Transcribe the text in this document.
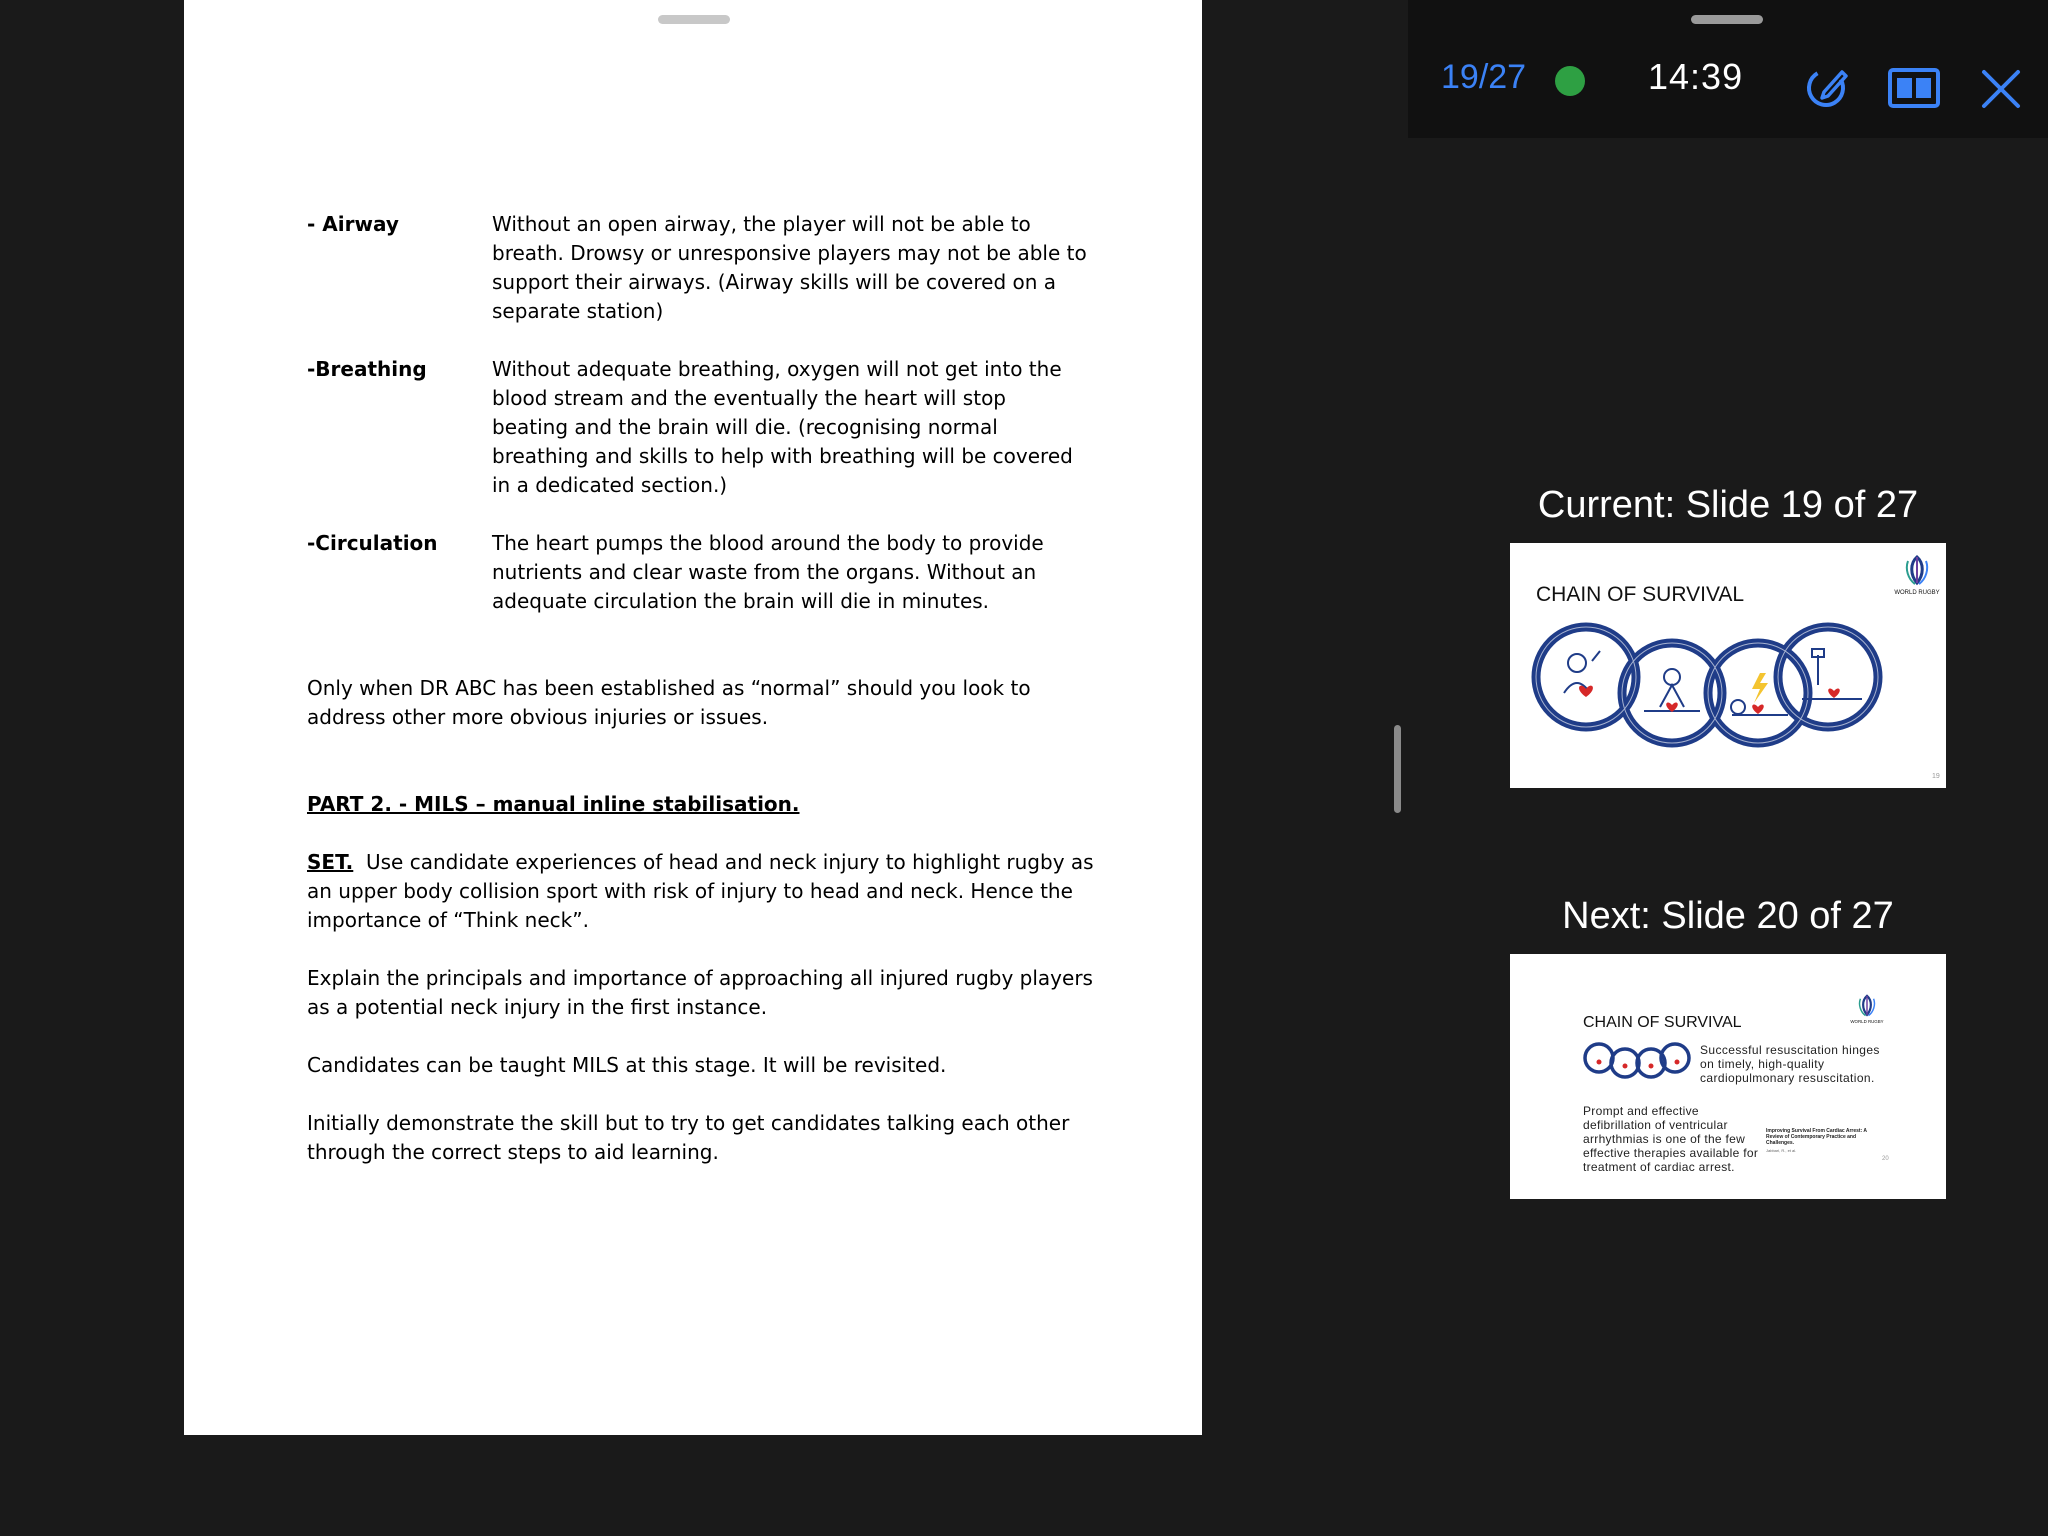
- Airway	Without an open airway, the player will not be able to breath. Drowsy or unresponsive players may not be able to support their airways. (Airway skills will be covered on a separate station)
-Breathing	Without adequate breathing, oxygen will not get into the blood stream and the eventually the heart will stop beating and the brain will die. (recognising normal breathing and skills to help with breathing will be covered in a dedicated section.)
-Circulation	The heart pumps the blood around the body to provide nutrients and clear waste from the organs. Without an adequate circulation the brain will die in minutes.

Only when DR ABC has been established as “normal” should you look to address other more obvious injuries or issues.

PART 2. - MILS – manual inline stabilisation.

SET. Use candidate experiences of head and neck injury to highlight rugby as an upper body collision sport with risk of injury to head and neck. Hence the importance of “Think neck”.

Explain the principals and importance of approaching all injured rugby players as a potential neck injury in the first instance.

Candidates can be taught MILS at this stage. It will be revisited.

Initially demonstrate the skill but to try to get candidates talking each other through the correct steps to aid learning.

19/27	14:39
Current: Slide 19 of 27
CHAIN OF SURVIVAL	WORLD RUGBY
19
Next: Slide 20 of 27
CHAIN OF SURVIVAL	WORLD RUGBY
Successful resuscitation hinges on timely, high-quality cardiopulmonary resuscitation.
Prompt and effective defibrillation of ventricular arrhythmias is one of the few effective therapies available for treatment of cardiac arrest.
Improving Survival From Cardiac Arrest: A Review of Contemporary Practice and Challenges.
Jabbari, R., et al.
20
